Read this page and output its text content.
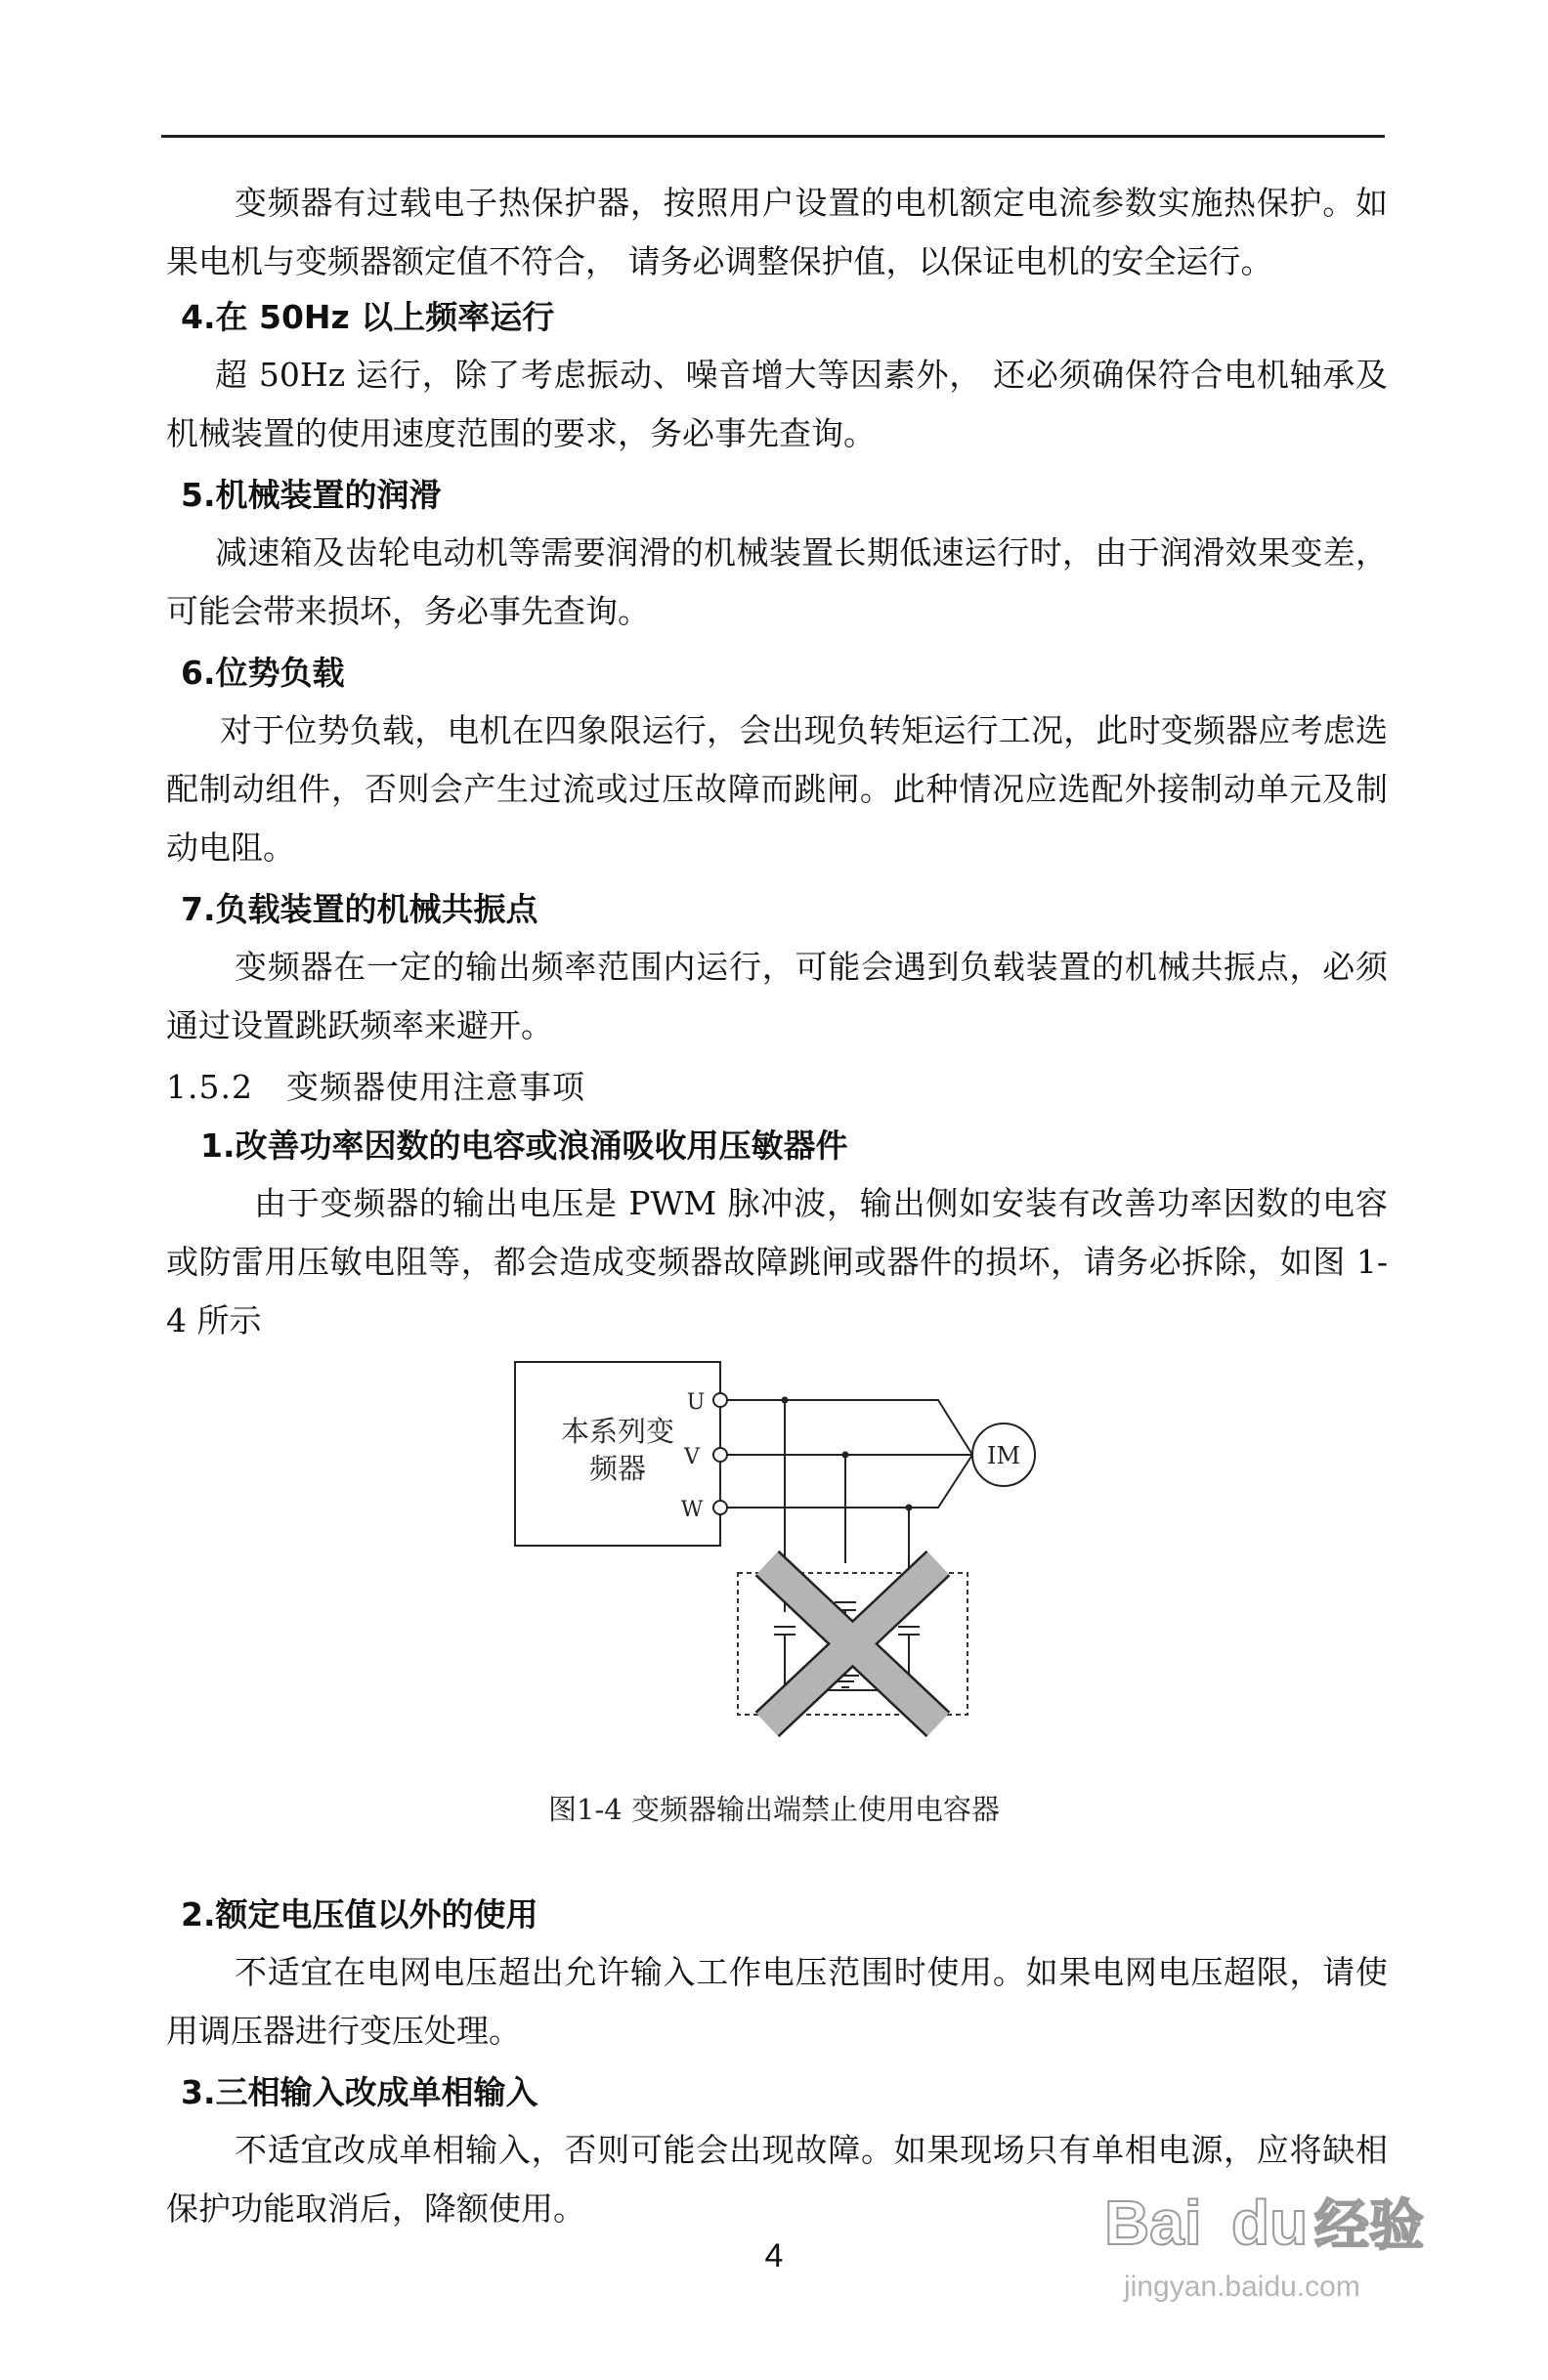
变频器有过载电子热保护器，按照用户设置的电机额定电流参数实施热保护。如果电机与变频器额定值不符合， 请务必调整保护值，以保证电机的安全运行。

4.在 50Hz 以上频率运行

超 50Hz 运行，除了考虑振动、噪音增大等因素外， 还必须确保符合电机轴承及机械装置的使用速度范围的要求，务必事先查询。

5.机械装置的润滑

减速箱及齿轮电动机等需要润滑的机械装置长期低速运行时，由于润滑效果变差，可能会带来损坏，务必事先查询。

6.位势负载

对于位势负载，电机在四象限运行，会出现负转矩运行工况，此时变频器应考虑选配制动组件，否则会产生过流或过压故障而跳闸。此种情况应选配外接制动单元及制动电阻。

7.负载装置的机械共振点

变频器在一定的输出频率范围内运行，可能会遇到负载装置的机械共振点，必须通过设置跳跃频率来避开。

1.5.2　变频器使用注意事项

1.改善功率因数的电容或浪涌吸收用压敏器件

由于变频器的输出电压是 PWM 脉冲波，输出侧如安装有改善功率因数的电容或防雷用压敏电阻等，都会造成变频器故障跳闸或器件的损坏，请务必拆除，如图 1-4 所示

本系列变
频器
U
V
W
IM
图1-4 变频器输出端禁止使用电容器

2.额定电压值以外的使用

不适宜在电网电压超出允许输入工作电压范围时使用。如果电网电压超限，请使用调压器进行变压处理。

3.三相输入改成单相输入

不适宜改成单相输入，否则可能会出现故障。如果现场只有单相电源，应将缺相保护功能取消后，降额使用。

4	Bai du 经验
jingyan.baidu.com
